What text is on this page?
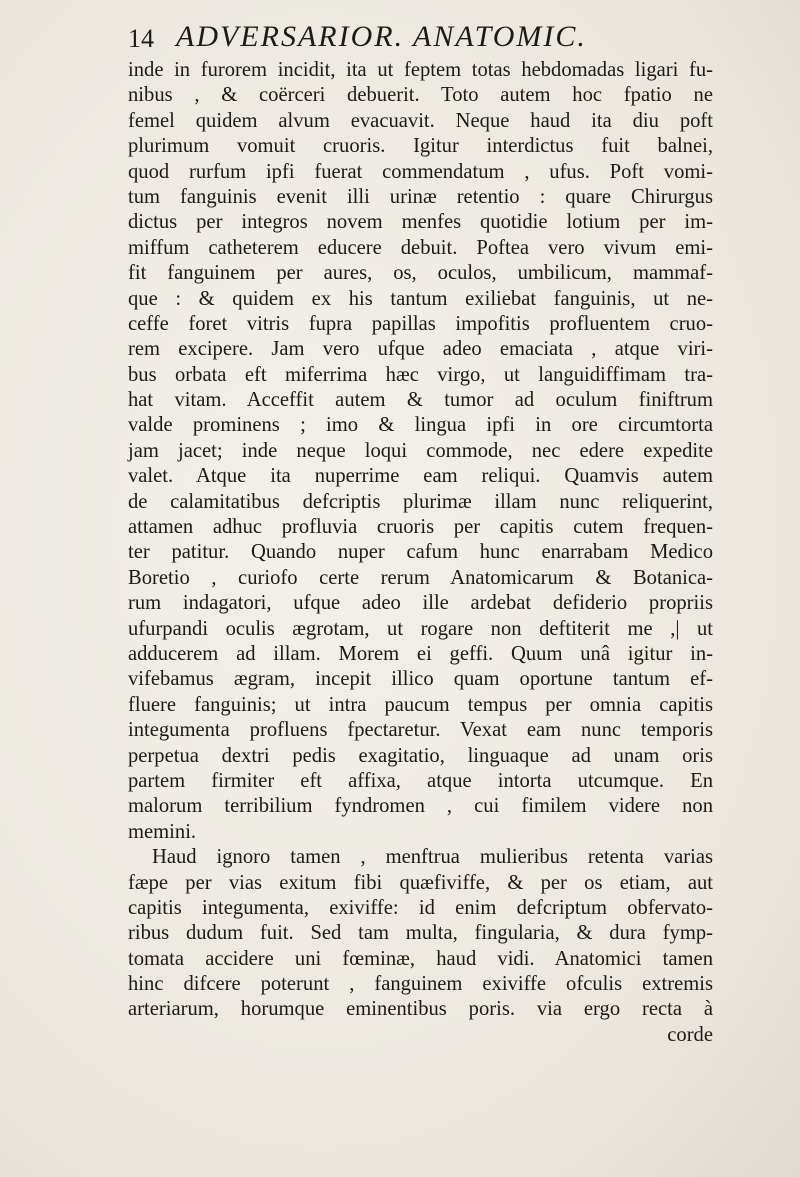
14 ADVERSARIOR. ANATOMIC.
inde in furorem incidit, ita ut feptem totas hebdomadas ligari fu-
nibus , & coërceri debuerit. Toto autem hoc fpatio ne
femel quidem alvum evacuavit. Neque haud ita diu poft
plurimum vomuit cruoris. Igitur interdictus fuit balnei,
quod rurfum ipfi fuerat commendatum , ufus. Poft vomi-
tum fanguinis evenit illi urinæ retentio : quare Chirurgus
dictus per integros novem menfes quotidie lotium per im-
miffum catheterem educere debuit. Poftea vero vivum emi-
fit fanguinem per aures, os, oculos, umbilicum, mammaf-
que : & quidem ex his tantum exiliebat fanguinis, ut ne-
ceffe foret vitris fupra papillas impofitis profluentem cruo-
rem excipere. Jam vero ufque adeo emaciata , atque viri-
bus orbata eft miferrima hæc virgo, ut languidiffimam tra-
hat vitam. Acceffit autem & tumor ad oculum finiftrum
valde prominens ; imo & lingua ipfi in ore circumtorta
jam jacet; inde neque loqui commode, nec edere expedite
valet. Atque ita nuperrime eam reliqui. Quamvis autem
de calamitatibus defcriptis plurimæ illam nunc reliquerint,
attamen adhuc profluvia cruoris per capitis cutem frequen-
ter patitur. Quando nuper cafum hunc enarrabam Medico
Boretio , curiofo certe rerum Anatomicarum & Botanica-
rum indagatori, ufque adeo ille ardebat defiderio propriis
ufurpandi oculis ægrotam, ut rogare non deftiterit me ,| ut
adducerem ad illam. Morem ei geffi. Quum unâ igitur in-
vifebamus ægram, incepit illico quam oportune tantum ef-
fluere fanguinis; ut intra paucum tempus per omnia capitis
integumenta profluens fpectaretur. Vexat eam nunc temporis
perpetua dextri pedis exagitatio, linguaque ad unam oris
partem firmiter eft affixa, atque intorta utcumque. En
malorum terribilium fyndromen , cui fimilem videre non
memini.
Haud ignoro tamen , menftrua mulieribus retenta varias
fæpe per vias exitum fibi quæfiviffe, & per os etiam, aut
capitis integumenta, exiviffe: id enim defcriptum obfervato-
ribus dudum fuit. Sed tam multa, fingularia, & dura fymp-
tomata accidere uni fœminæ, haud vidi. Anatomici tamen
hinc difcere poterunt , fanguinem exiviffe ofculis extremis
arteriarum, horumque eminentibus poris. via ergo recta à
corde
